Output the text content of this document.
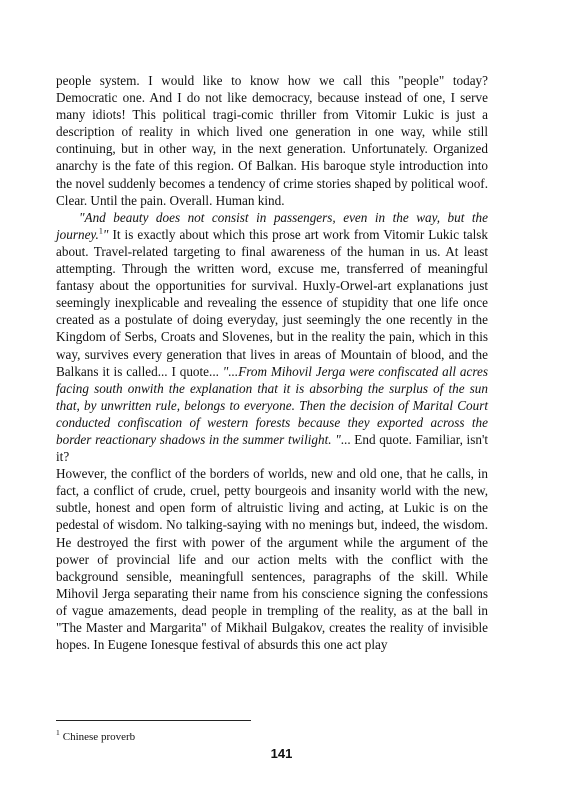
people system. I would like to know how we call this "people" today? Democratic one. And I do not like democracy, because instead of one, I serve many idiots! This political tragi-comic thriller from Vitomir Lukic is just a description of reality in which lived one generation in one way, while still continuing, but in other way, in the next generation. Unfortunately. Organized anarchy is the fate of this region. Of Balkan. His baroque style introduction into the novel suddenly becomes a tendency of crime stories shaped by political woof. Clear. Until the pain. Overall. Human kind.

"And beauty does not consist in passengers, even in the way, but the journey.$^1$" It is exactly about which this prose art work from Vitomir Lukic talsk about. Travel-related targeting to final awareness of the human in us. At least attempting. Through the written word, excuse me, transferred of meaningful fantasy about the opportunities for survival. Huxly-Orwel-art explanations just seemingly inexplicable and revealing the essence of stupidity that one life once created as a postulate of doing everyday, just seemingly the one recently in the Kingdom of Serbs, Croats and Slovenes, but in the reality the pain, which in this way, survives every generation that lives in areas of Mountain of blood, and the Balkans it is called... I quote... "...From Mihovil Jerga were confiscated all acres facing south onwith the explanation that it is absorbing the surplus of the sun that, by unwritten rule, belongs to everyone. Then the decision of Marital Court conducted confiscation of western forests because they exported across the border reactionary shadows in the summer twilight. "... End quote. Familiar, isn't it?

However, the conflict of the borders of worlds, new and old one, that he calls, in fact, a conflict of crude, cruel, petty bourgeois and insanity world with the new, subtle, honest and open form of altruistic living and acting, at Lukic is on the pedestal of wisdom. No talking-saying with no menings but, indeed, the wisdom. He destroyed the first with power of the argument while the argument of the power of provincial life and our action melts with the conflict with the background sensible, meaningfull sentences, paragraphs of the skill. While Mihovil Jerga separating their name from his conscience signing the confessions of vague amazements, dead people in trempling of the reality, as at the ball in "The Master and Margarita" of Mikhail Bulgakov, creates the reality of invisible hopes. In Eugene Ionesque festival of absurds this one act play

$^1$ Chinese proverb
141
